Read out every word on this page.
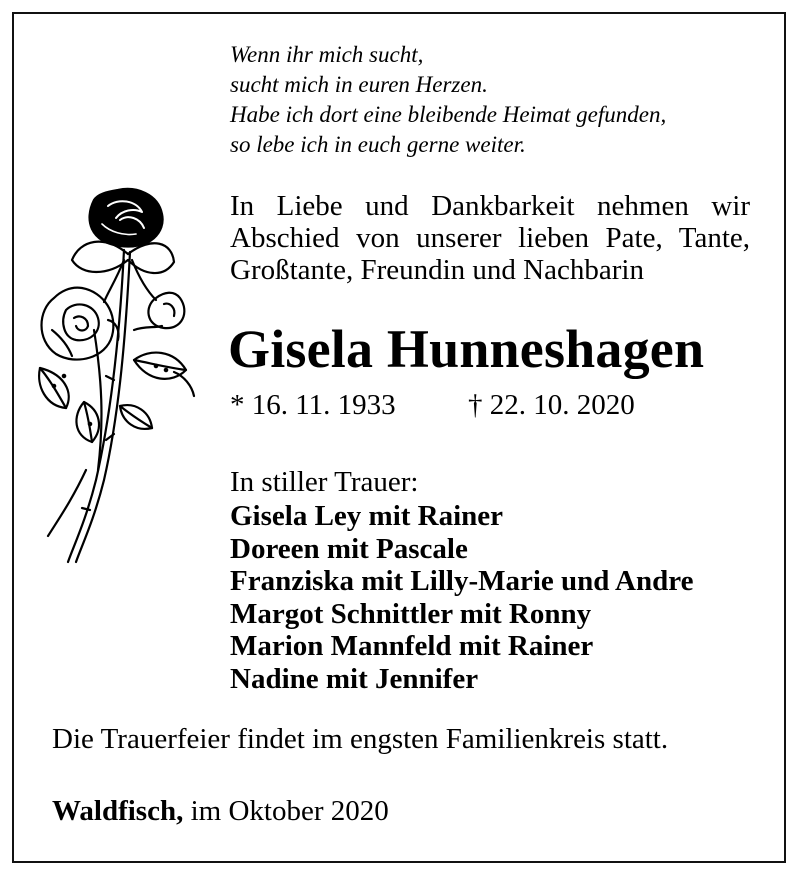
Wenn ihr mich sucht,
sucht mich in euren Herzen.
Habe ich dort eine bleibende Heimat gefunden,
so lebe ich in euch gerne weiter.
In Liebe und Dankbarkeit nehmen wir
Abschied von unserer lieben Pate, Tante,
Großtante, Freundin und Nachbarin
Gisela Hunneshagen
* 16. 11. 1933 † 22. 10. 2020
In stiller Trauer:
Gisela Ley mit Rainer
Doreen mit Pascale
Franziska mit Lilly-Marie und Andre
Margot Schnittler mit Ronny
Marion Mannfeld mit Rainer
Nadine mit Jennifer
Die Trauerfeier findet im engsten Familienkreis statt.
Waldfisch, im Oktober 2020
